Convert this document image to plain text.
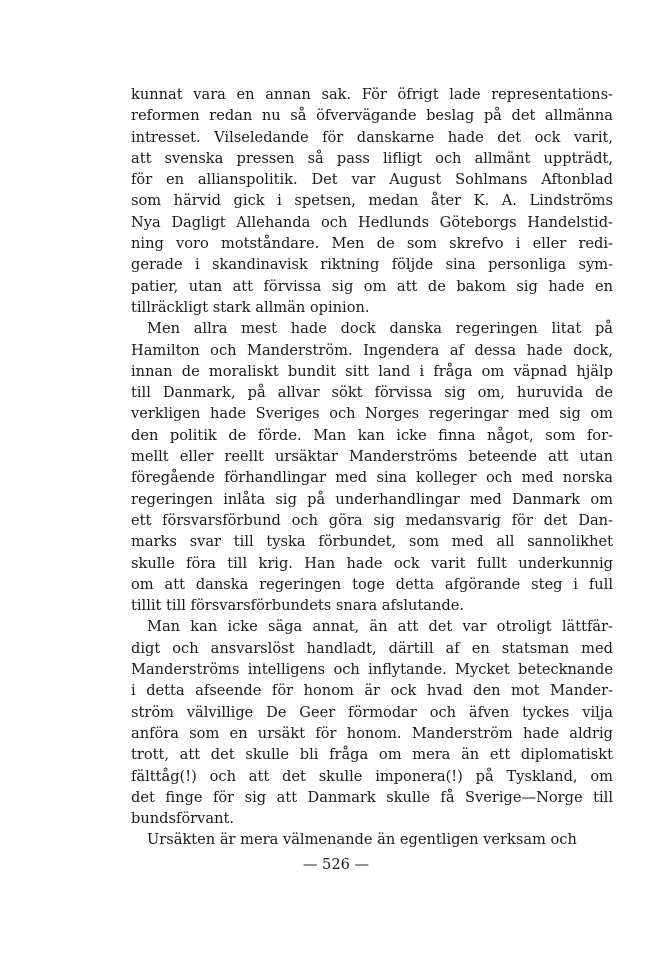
kunnat vara en annan sak. För öfrigt lade representations-
reformen redan nu så öfvervägande beslag på det allmänna
intresset. Vilseledande för danskarne hade det ock varit,
att svenska pressen så pass lifligt och allmänt uppträdt,
för en allianspolitik. Det var August Sohlmans Aftonblad
som härvid gick i spetsen, medan åter K. A. Lindströms
Nya Dagligt Allehanda och Hedlunds Göteborgs Handelstid-
ning voro motståndare. Men de som skrefvo i eller redi-
gerade i skandinavisk riktning följde sina personliga sym-
patier, utan att förvissa sig om att de bakom sig hade en
tillräckligt stark allmän opinion.
Men allra mest hade dock danska regeringen litat på
Hamilton och Manderström. Ingendera af dessa hade dock,
innan de moraliskt bundit sitt land i fråga om väpnad hjälp
till Danmark, på allvar sökt förvissa sig om, huruvida de
verkligen hade Sveriges och Norges regeringar med sig om
den politik de förde. Man kan icke finna något, som for-
mellt eller reellt ursäktar Manderströms beteende att utan
föregående förhandlingar med sina kolleger och med norska
regeringen inlåta sig på underhandlingar med Danmark om
ett försvarsförbund och göra sig medansvarig för det Dan-
marks svar till tyska förbundet, som med all sannolikhet
skulle föra till krig. Han hade ock varit fullt underkunnig
om att danska regeringen toge detta afgörande steg i full
tillit till försvarsförbundets snara afslutande.
Man kan icke säga annat, än att det var otroligt lättfär-
digt och ansvarslöst handladt, därtill af en statsman med
Manderströms intelligens och inflytande. Mycket betecknande
i detta afseende för honom är ock hvad den mot Mander-
ström välvillige De Geer förmodar och äfven tyckes vilja
anföra som en ursäkt för honom. Manderström hade aldrig
trott, att det skulle bli fråga om mera än ett diplomatiskt
fälttåg(!) och att det skulle imponera(!) på Tyskland, om
det finge för sig att Danmark skulle få Sverige—Norge till
bundsförvant.
Ursäkten är mera välmenande än egentligen verksam och
— 526 —
